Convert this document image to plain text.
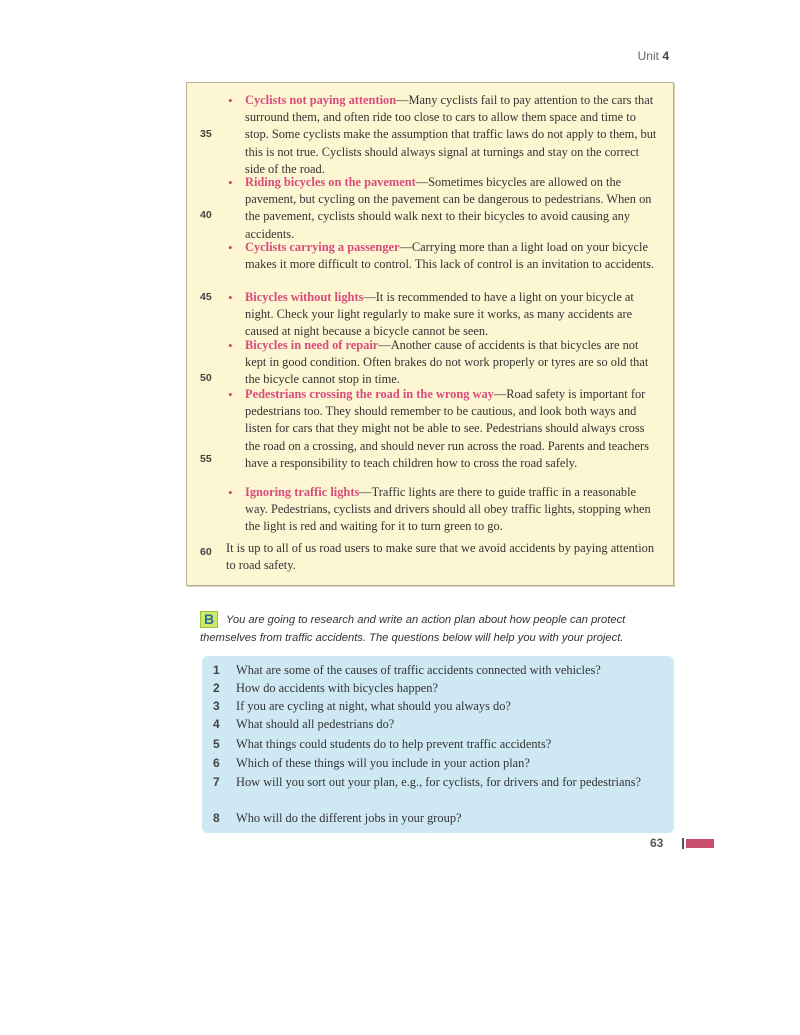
Unit 4
35
40
45
50
55
60
• Cyclists not paying attention—Many cyclists fail to pay attention to the cars that surround them, and often ride too close to cars to allow them space and time to stop. Some cyclists make the assumption that traffic laws do not apply to them, but this is not true. Cyclists should always signal at turnings and stay on the correct side of the road.
• Riding bicycles on the pavement—Sometimes bicycles are allowed on the pavement, but cycling on the pavement can be dangerous to pedestrians. When on the pavement, cyclists should walk next to their bicycles to avoid causing any accidents.
• Cyclists carrying a passenger—Carrying more than a light load on your bicycle makes it more difficult to control. This lack of control is an invitation to accidents.
• Bicycles without lights—It is recommended to have a light on your bicycle at night. Check your light regularly to make sure it works, as many accidents are caused at night because a bicycle cannot be seen.
• Bicycles in need of repair—Another cause of accidents is that bicycles are not kept in good condition. Often brakes do not work properly or tyres are so old that the bicycle cannot stop in time.
• Pedestrians crossing the road in the wrong way—Road safety is important for pedestrians too. They should remember to be cautious, and look both ways and listen for cars that they might not be able to see. Pedestrians should always cross the road on a crossing, and should never run across the road. Parents and teachers have a responsibility to teach children how to cross the road safely.
• Ignoring traffic lights—Traffic lights are there to guide traffic in a reasonable way. Pedestrians, cyclists and drivers should all obey traffic lights, stopping when the light is red and waiting for it to turn green to go.
It is up to all of us road users to make sure that we avoid accidents by paying attention to road safety.
B You are going to research and write an action plan about how people can protect themselves from traffic accidents. The questions below will help you with your project.
1	What are some of the causes of traffic accidents connected with vehicles?
2	How do accidents with bicycles happen?
3	If you are cycling at night, what should you always do?
4	What should all pedestrians do?
5	What things could students do to help prevent traffic accidents?
6	Which of these things will you include in your action plan?
7	How will you sort out your plan, e.g., for cyclists, for drivers and for pedestrians?
8	Who will do the different jobs in your group?
63
